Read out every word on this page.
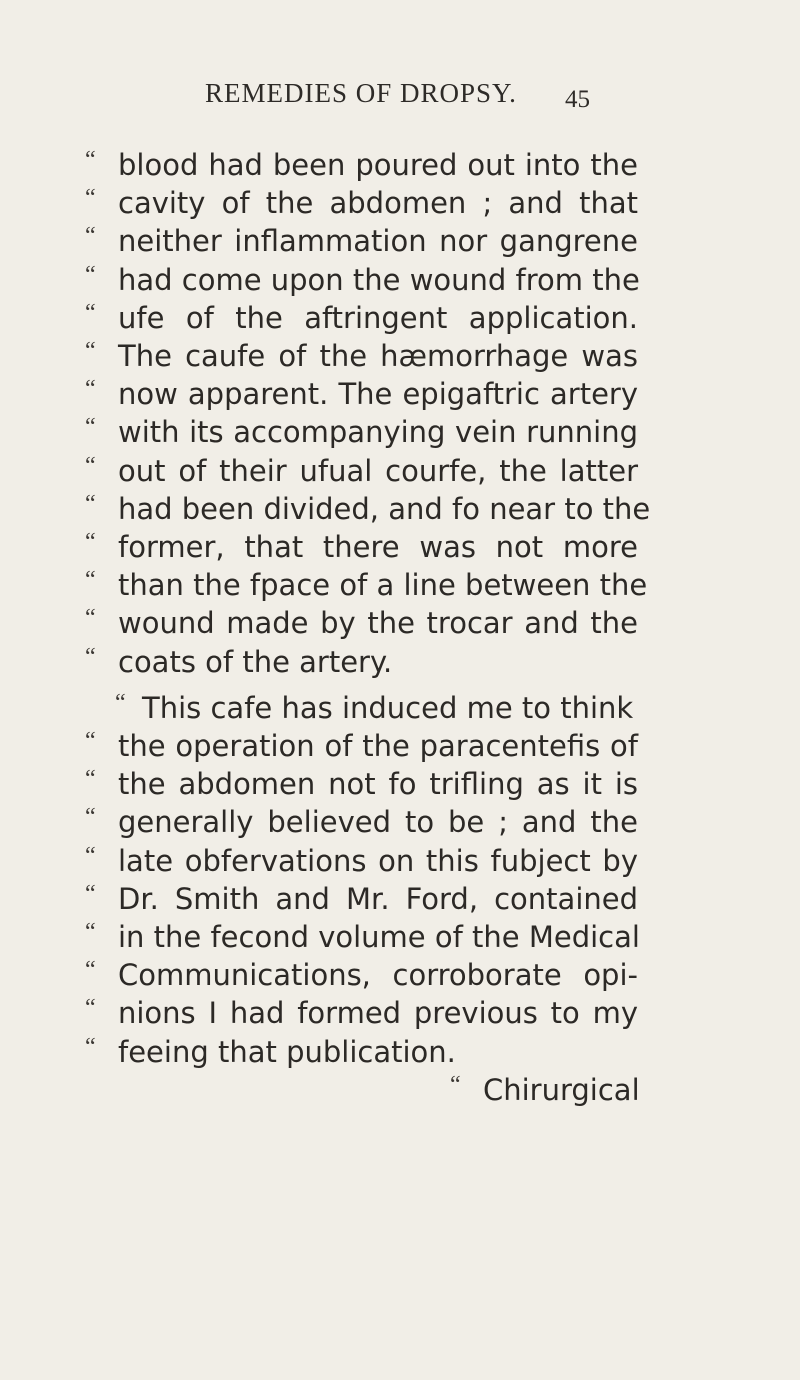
REMEDIES OF DROPSY. 45
“ blood had been poured out into the
“ cavity of the abdomen ; and that
“ neither inflammation nor gangrene
“ had come upon the wound from the
“ ufe of the aftringent application.
“ The caufe of the hæmorrhage was
“ now apparent. The epigaftric artery
“ with its accompanying vein running
“ out of their ufual courfe, the latter
“ had been divided, and fo near to the
“ former, that there was not more
“ than the fpace of a line between the
“ wound made by the trocar and the
“ coats of the artery.
“ This cafe has induced me to think
“ the operation of the paracentefis of
“ the abdomen not fo trifling as it is
“ generally believed to be ; and the
“ late obfervations on this fubject by
“ Dr. Smith and Mr. Ford, contained
“ in the fecond volume of the Medical
“ Communications, corroborate opi-
“ nions I had formed previous to my
“ feeing that publication.
“ Chirurgical
